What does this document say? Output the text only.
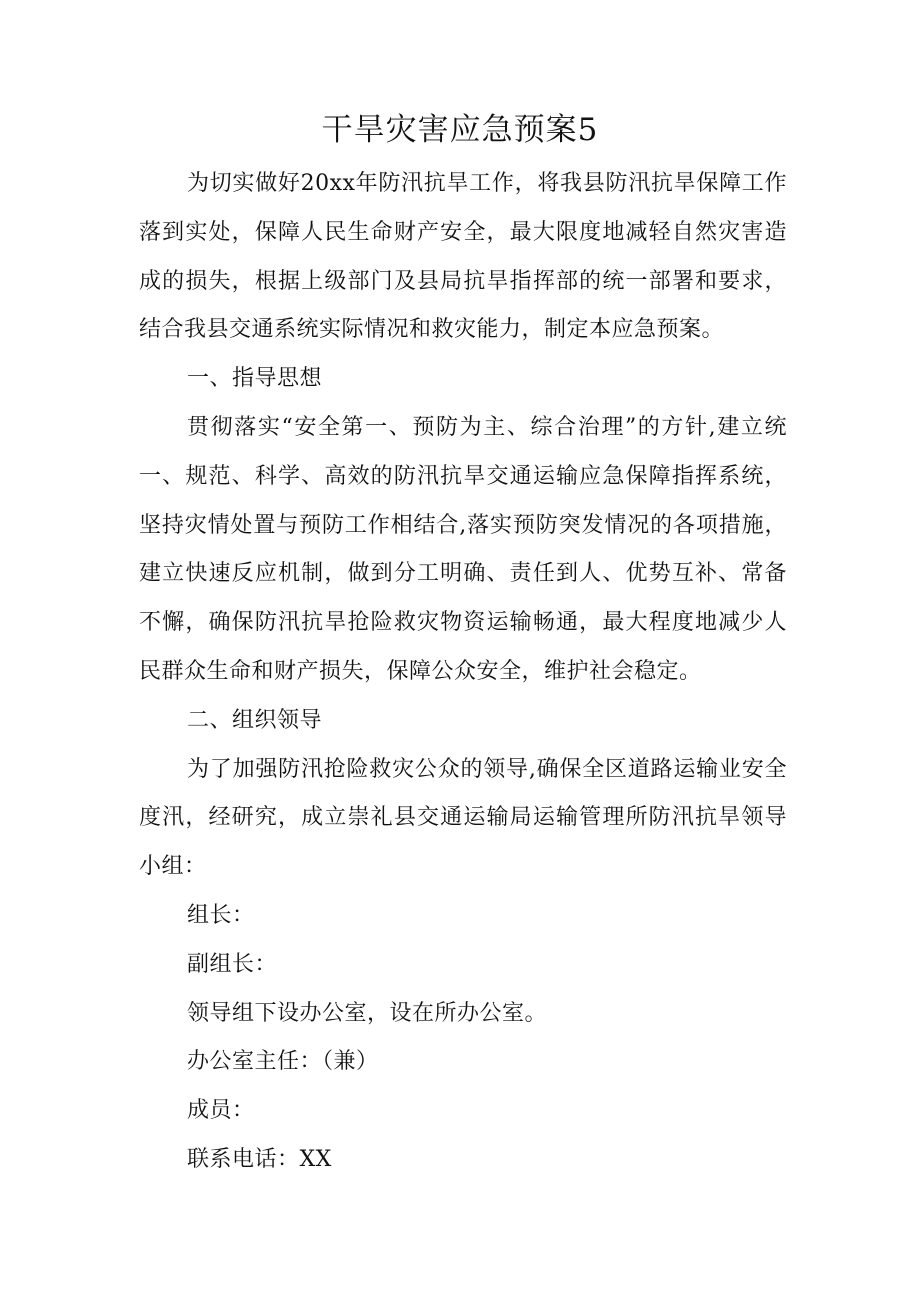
干旱灾害应急预案5

为切实做好20xx年防汛抗旱工作，将我县防汛抗旱保障工作落到实处，保障人民生命财产安全，最大限度地减轻自然灾害造成的损失，根据上级部门及县局抗旱指挥部的统一部署和要求，结合我县交通系统实际情况和救灾能力，制定本应急预案。

一、指导思想

贯彻落实“安全第一、预防为主、综合治理”的方针,建立统一、规范、科学、高效的防汛抗旱交通运输应急保障指挥系统，坚持灾情处置与预防工作相结合,落实预防突发情况的各项措施，建立快速反应机制，做到分工明确、责任到人、优势互补、常备不懈，确保防汛抗旱抢险救灾物资运输畅通，最大程度地减少人民群众生命和财产损失，保障公众安全，维护社会稳定。

二、组织领导

为了加强防汛抢险救灾公众的领导,确保全区道路运输业安全度汛，经研究，成立崇礼县交通运输局运输管理所防汛抗旱领导小组：

组长：

副组长：

领导组下设办公室，设在所办公室。

办公室主任：（兼）

成员：

联系电话：XX
